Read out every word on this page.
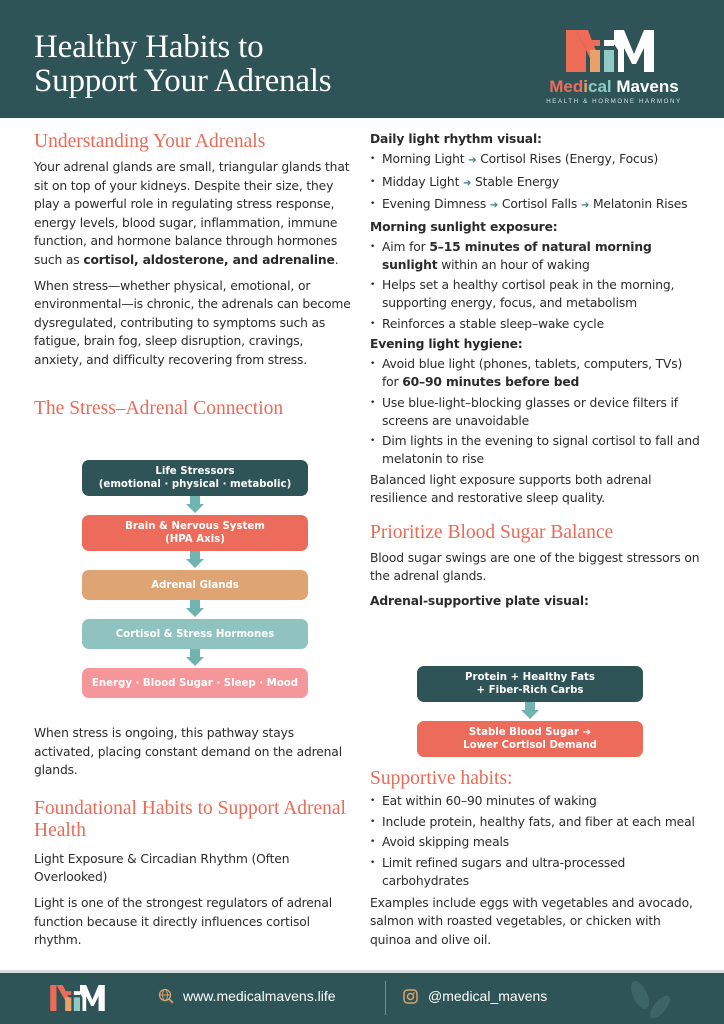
Healthy Habits to
Support Your Adrenals	Medical Mavens
HEALTH & HORMONE HARMONY
Understanding Your Adrenals

Your adrenal glands are small, triangular glands that sit on top of your kidneys. Despite their size, they play a powerful role in regulating stress response, energy levels, blood sugar, inflammation, immune function, and hormone balance through hormones such as cortisol, aldosterone, and adrenaline.

When stress—whether physical, emotional, or environmental—is chronic, the adrenals can become dysregulated, contributing to symptoms such as fatigue, brain fog, sleep disruption, cravings, anxiety, and difficulty recovering from stress.

The Stress–Adrenal Connection
Life Stressors
(emotional · physical · metabolic)
Brain & Nervous System
(HPA Axis)
Adrenal Glands
Cortisol & Stress Hormones
Energy · Blood Sugar · Sleep · Mood

When stress is ongoing, this pathway stays activated, placing constant demand on the adrenal glands.

Foundational Habits to Support Adrenal Health

Light Exposure & Circadian Rhythm (Often Overlooked)

Light is one of the strongest regulators of adrenal function because it directly influences cortisol rhythm.

Daily light rhythm visual:
• Morning Light ➔ Cortisol Rises (Energy, Focus)
• Midday Light ➔ Stable Energy
• Evening Dimness ➔ Cortisol Falls ➔ Melatonin Rises
Morning sunlight exposure:
• Aim for 5–15 minutes of natural morning sunlight within an hour of waking
• Helps set a healthy cortisol peak in the morning, supporting energy, focus, and metabolism
• Reinforces a stable sleep–wake cycle
Evening light hygiene:
• Avoid blue light (phones, tablets, computers, TVs) for 60–90 minutes before bed
• Use blue-light–blocking glasses or device filters if screens are unavoidable
• Dim lights in the evening to signal cortisol to fall and melatonin to rise

Balanced light exposure supports both adrenal resilience and restorative sleep quality.

Prioritize Blood Sugar Balance

Blood sugar swings are one of the biggest stressors on the adrenal glands.

Adrenal-supportive plate visual:
Protein + Healthy Fats
+ Fiber-Rich Carbs
Stable Blood Sugar ➔
Lower Cortisol Demand
Supportive habits:
• Eat within 60–90 minutes of waking
• Include protein, healthy fats, and fiber at each meal
• Avoid skipping meals
• Limit refined sugars and ultra-processed carbohydrates

Examples include eggs with vegetables and avocado, salmon with roasted vegetables, or chicken with quinoa and olive oil.

www.medicalmavens.life	@medical_mavens
